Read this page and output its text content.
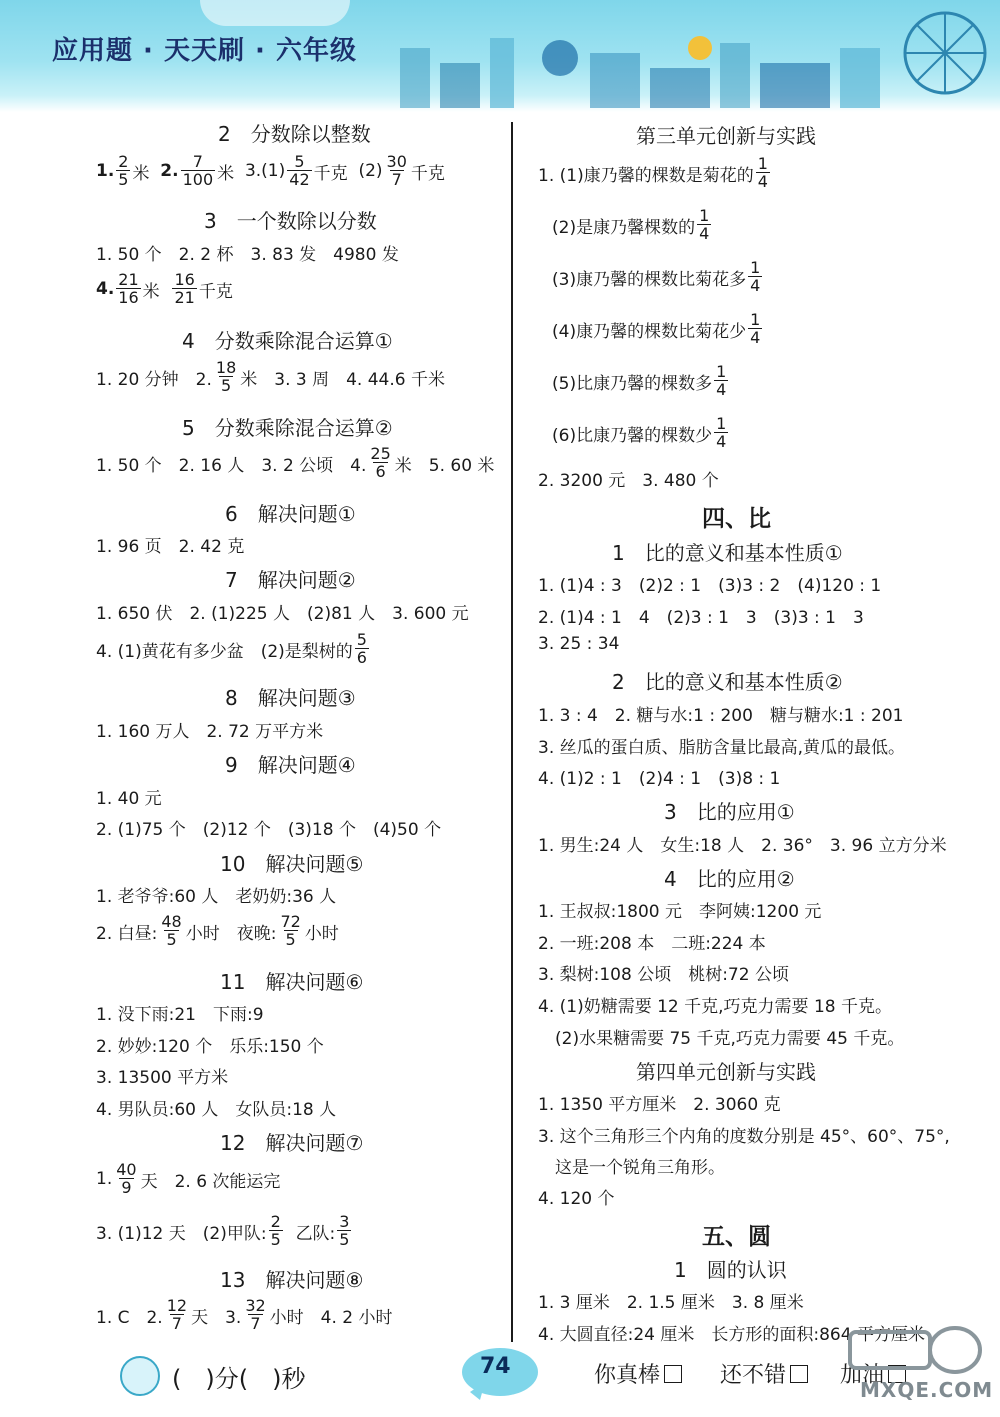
应用题 · 天天刷 · 六年级
2　分数除以整数
1. $\frac{2}{5}$ 米
2. $\frac{7}{100}$ 米
$3.(1) \frac{5}{42}$ 千克
$(2) \frac{30}{7}$ 千克
3　一个数除以分数
1. 50 个　2. 2 杯　3. 83 发　4980 发
4. $\frac{21}{16}$ 米
$\frac{16}{21}$ 千克
4　分数乘除混合运算①
1. 20 分钟　2. $\frac{18}{5}$ 米　3. 3 周　4. 44.6 千米
5　分数乘除混合运算②
1. 50 个　2. 16 人　3. 2 公顷　4. $\frac{25}{6}$ 米　5. 60 米
6　解决问题①
1. 96 页　2. 42 克
7　解决问题②
1. 650 伏　2. (1)225 人　(2)81 人　3. 600 元
4. (1)黄花有多少盆　(2)是梨树的 $\frac{5}{6}$
8　解决问题③
1. 160 万人　2. 72 万平方米
9　解决问题④
1. 40 元
2. (1)75 个　(2)12 个　(3)18 个　(4)50 个
10　解决问题⑤
1. 老爷爷:60 人　老奶奶:36 人
2. 白昼: $\frac{48}{5}$ 小时　夜晚: $\frac{72}{5}$ 小时
11　解决问题⑥
1. 没下雨:21　下雨:9
2. 妙妙:120 个　乐乐:150 个
3. 13500 平方米
4. 男队员:60 人　女队员:18 人
12　解决问题⑦
1. $\frac{40}{9}$ 天　2. 6 次能运完
3. (1)12 天　(2)甲队: $\frac{2}{5}$
乙队: $\frac{3}{5}$
13　解决问题⑧
1. C　2. $\frac{12}{7}$ 天　3. $\frac{32}{7}$ 小时　4. 2 小时
第三单元创新与实践
1. (1)康乃馨的棵数是菊花的 $\frac{1}{4}$
(2)是康乃馨棵数的 $\frac{1}{4}$
(3)康乃馨的棵数比菊花多 $\frac{1}{4}$
(4)康乃馨的棵数比菊花少 $\frac{1}{4}$
(5)比康乃馨的棵数多 $\frac{1}{4}$
(6)比康乃馨的棵数少 $\frac{1}{4}$
2. 3200 元　3. 480 个
四、比
1　比的意义和基本性质①
1. (1)4 : 3　(2)2 : 1　(3)3 : 2　(4)120 : 1
2. (1)4 : 1　4　(2)3 : 1　3　(3)3 : 1　3
3. 25 : 34
2　比的意义和基本性质②
1. 3 : 4　2. 糖与水:1 : 200　糖与糖水:1 : 201
3. 丝瓜的蛋白质、脂肪含量比最高,黄瓜的最低。
4. (1)2 : 1　(2)4 : 1　(3)8 : 1
3　比的应用①
1. 男生:24 人　女生:18 人　2. 36°　3. 96 立方分米
4　比的应用②
1. 王叔叔:1800 元　李阿姨:1200 元
2. 一班:208 本　二班:224 本
3. 梨树:108 公顷　桃树:72 公顷
4. (1)奶糖需要 12 千克,巧克力需要 18 千克。
(2)水果糖需要 75 千克,巧克力需要 45 千克。
第四单元创新与实践
1. 1350 平方厘米　2. 3060 克
3. 这个三角形三个内角的度数分别是 45°、60°、75°,
这是一个锐角三角形。
4. 120 个
五、圆
1　圆的认识
1. 3 厘米　2. 1.5 厘米　3. 8 厘米
4. 大圆直径:24 厘米　长方形的面积:864 平方厘米
(　)分(　)秒	74	你真棒	还不错 加油
MXQE.COM
